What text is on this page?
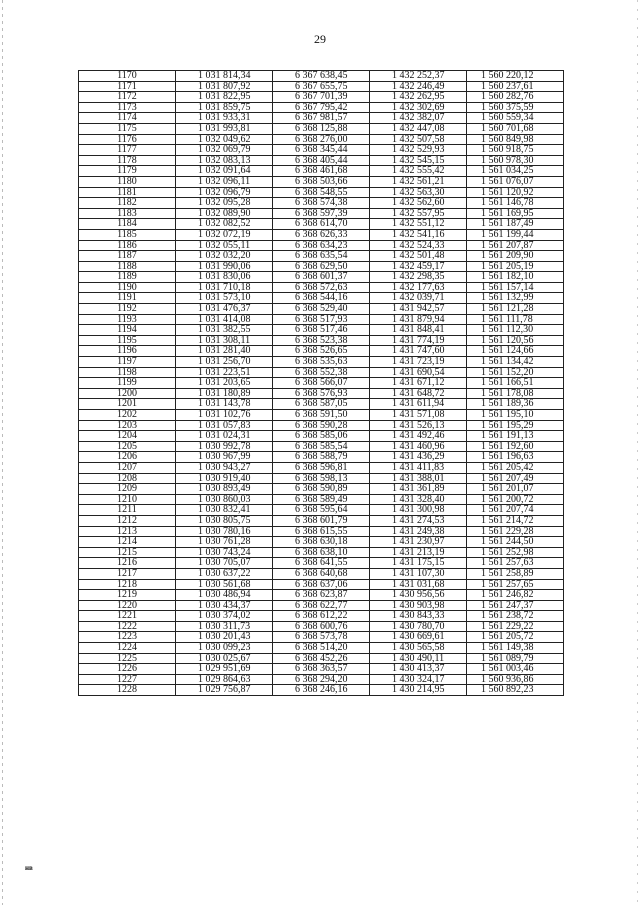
29
1170	1 031 814,34	6 367 638,45	1 432 252,37	1 560 220,12
1171	1 031 807,92	6 367 655,75	1 432 246,49	1 560 237,61
1172	1 031 822,95	6 367 701,39	1 432 262,95	1 560 282,76
1173	1 031 859,75	6 367 795,42	1 432 302,69	1 560 375,59
1174	1 031 933,31	6 367 981,57	1 432 382,07	1 560 559,34
1175	1 031 993,81	6 368 125,88	1 432 447,08	1 560 701,68
1176	1 032 049,62	6 368 276,00	1 432 507,58	1 560 849,98
1177	1 032 069,79	6 368 345,44	1 432 529,93	1 560 918,75
1178	1 032 083,13	6 368 405,44	1 432 545,15	1 560 978,30
1179	1 032 091,64	6 368 461,68	1 432 555,42	1 561 034,25
1180	1 032 096,11	6 368 503,66	1 432 561,21	1 561 076,07
1181	1 032 096,79	6 368 548,55	1 432 563,30	1 561 120,92
1182	1 032 095,28	6 368 574,38	1 432 562,60	1 561 146,78
1183	1 032 089,90	6 368 597,39	1 432 557,95	1 561 169,95
1184	1 032 082,52	6 368 614,70	1 432 551,12	1 561 187,49
1185	1 032 072,19	6 368 626,33	1 432 541,16	1 561 199,44
1186	1 032 055,11	6 368 634,23	1 432 524,33	1 561 207,87
1187	1 032 032,20	6 368 635,54	1 432 501,48	1 561 209,90
1188	1 031 990,06	6 368 629,50	1 432 459,17	1 561 205,19
1189	1 031 830,06	6 368 601,37	1 432 298,35	1 561 182,10
1190	1 031 710,18	6 368 572,63	1 432 177,63	1 561 157,14
1191	1 031 573,10	6 368 544,16	1 432 039,71	1 561 132,99
1192	1 031 476,37	6 368 529,40	1 431 942,57	1 561 121,28
1193	1 031 414,08	6 368 517,93	1 431 879,94	1 561 111,78
1194	1 031 382,55	6 368 517,46	1 431 848,41	1 561 112,30
1195	1 031 308,11	6 368 523,38	1 431 774,19	1 561 120,56
1196	1 031 281,40	6 368 526,65	1 431 747,60	1 561 124,66
1197	1 031 256,70	6 368 535,63	1 431 723,19	1 561 134,42
1198	1 031 223,51	6 368 552,38	1 431 690,54	1 561 152,20
1199	1 031 203,65	6 368 566,07	1 431 671,12	1 561 166,51
1200	1 031 180,89	6 368 576,93	1 431 648,72	1 561 178,08
1201	1 031 143,78	6 368 587,05	1 431 611,94	1 561 189,36
1202	1 031 102,76	6 368 591,50	1 431 571,08	1 561 195,10
1203	1 031 057,83	6 368 590,28	1 431 526,13	1 561 195,29
1204	1 031 024,31	6 368 585,06	1 431 492,46	1 561 191,13
1205	1 030 992,78	6 368 585,54	1 431 460,96	1 561 192,60
1206	1 030 967,99	6 368 588,79	1 431 436,29	1 561 196,63
1207	1 030 943,27	6 368 596,81	1 431 411,83	1 561 205,42
1208	1 030 919,40	6 368 598,13	1 431 388,01	1 561 207,49
1209	1 030 893,49	6 368 590,89	1 431 361,89	1 561 201,07
1210	1 030 860,03	6 368 589,49	1 431 328,40	1 561 200,72
1211	1 030 832,41	6 368 595,64	1 431 300,98	1 561 207,74
1212	1 030 805,75	6 368 601,79	1 431 274,53	1 561 214,72
1213	1 030 780,16	6 368 615,55	1 431 249,38	1 561 229,28
1214	1 030 761,28	6 368 630,18	1 431 230,97	1 561 244,50
1215	1 030 743,24	6 368 638,10	1 431 213,19	1 561 252,98
1216	1 030 705,07	6 368 641,55	1 431 175,15	1 561 257,63
1217	1 030 637,22	6 368 640,68	1 431 107,30	1 561 258,89
1218	1 030 561,68	6 368 637,06	1 431 031,68	1 561 257,65
1219	1 030 486,94	6 368 623,87	1 430 956,56	1 561 246,82
1220	1 030 434,37	6 368 622,77	1 430 903,98	1 561 247,37
1221	1 030 374,02	6 368 612,22	1 430 843,33	1 561 238,72
1222	1 030 311,73	6 368 600,76	1 430 780,70	1 561 229,22
1223	1 030 201,43	6 368 573,78	1 430 669,61	1 561 205,72
1224	1 030 099,23	6 368 514,20	1 430 565,58	1 561 149,38
1225	1 030 025,67	6 368 452,26	1 430 490,11	1 561 089,79
1226	1 029 951,69	6 368 363,57	1 430 413,37	1 561 003,46
1227	1 029 864,63	6 368 294,20	1 430 324,17	1 560 936,86
1228	1 029 756,87	6 368 246,16	1 430 214,95	1 560 892,23
нв
